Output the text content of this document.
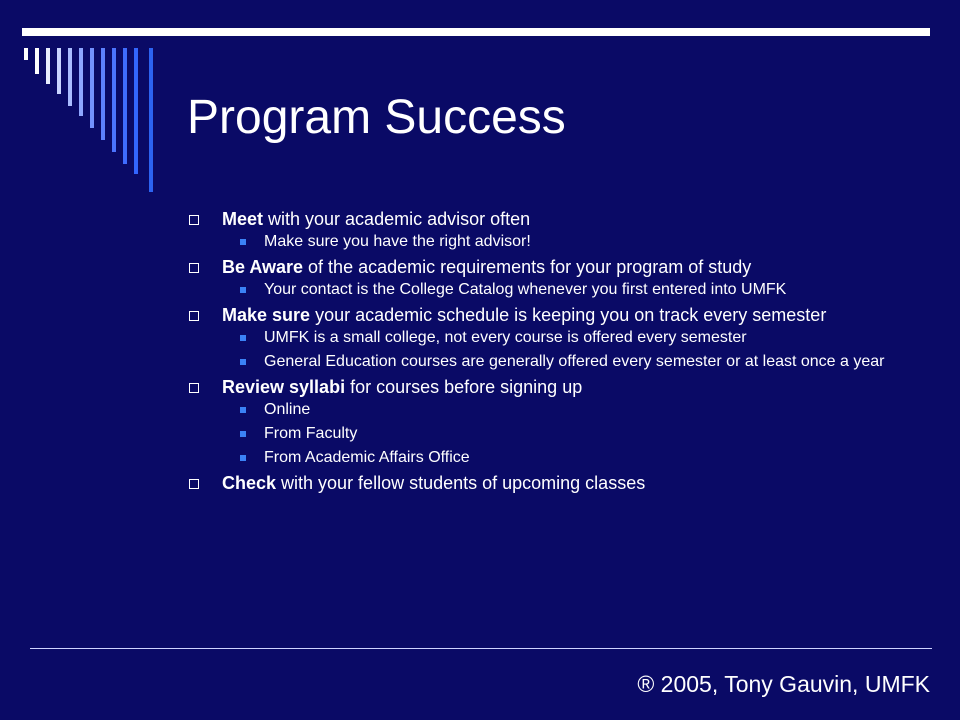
Program Success
Meet with your academic advisor often
Make sure you have the right advisor!
Be Aware of the academic requirements for your program of study
Your contact is the College Catalog whenever you first entered into UMFK
Make sure your academic schedule is keeping you on track every semester
UMFK is a small college, not every course is offered every semester
General Education courses are generally offered every semester or at least once a year
Review syllabi for courses before signing up
Online
From Faculty
From Academic Affairs Office
Check with your fellow students of upcoming classes
® 2005, Tony Gauvin, UMFK
